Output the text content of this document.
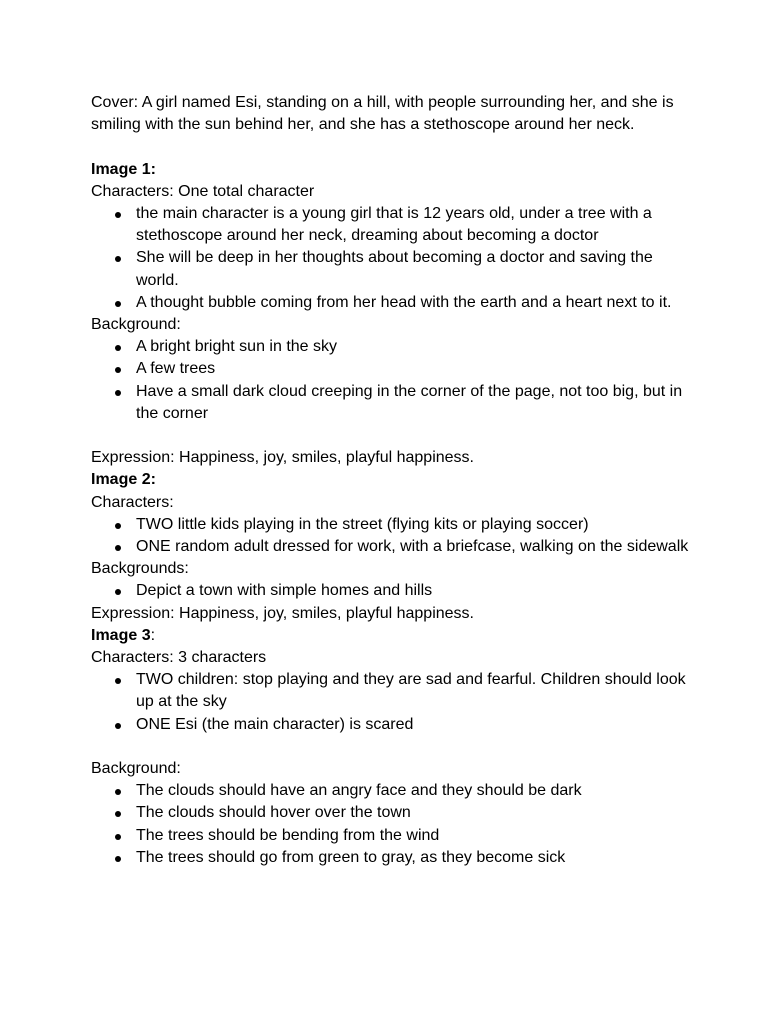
Cover: A girl named Esi, standing on a hill, with people surrounding her, and she is smiling with the sun behind her, and she has a stethoscope around her neck.

Image 1:

Characters: One total character

the main character is a young girl that is 12 years old, under a tree with a stethoscope around her neck, dreaming about becoming a doctor
She will be deep in her thoughts about becoming a doctor and saving the world.
A thought bubble coming from her head with the earth and a heart next to it.

Background:

A bright bright sun in the sky
A few trees
Have a small dark cloud creeping in the corner of the page, not too big, but in the corner

Expression: Happiness, joy, smiles, playful happiness.

Image 2:

Characters:

TWO little kids playing in the street (flying kits or playing soccer)
ONE random adult dressed for work, with a briefcase, walking on the sidewalk

Backgrounds:

Depict a town with simple homes and hills

Expression: Happiness, joy, smiles, playful happiness.

Image 3:

Characters: 3 characters

TWO children: stop playing and they are sad and fearful. Children should look up at the sky
ONE Esi (the main character) is scared

Background:

The clouds should have an angry face and they should be dark
The clouds should hover over the town
The trees should be bending from the wind
The trees should go from green to gray, as they become sick
